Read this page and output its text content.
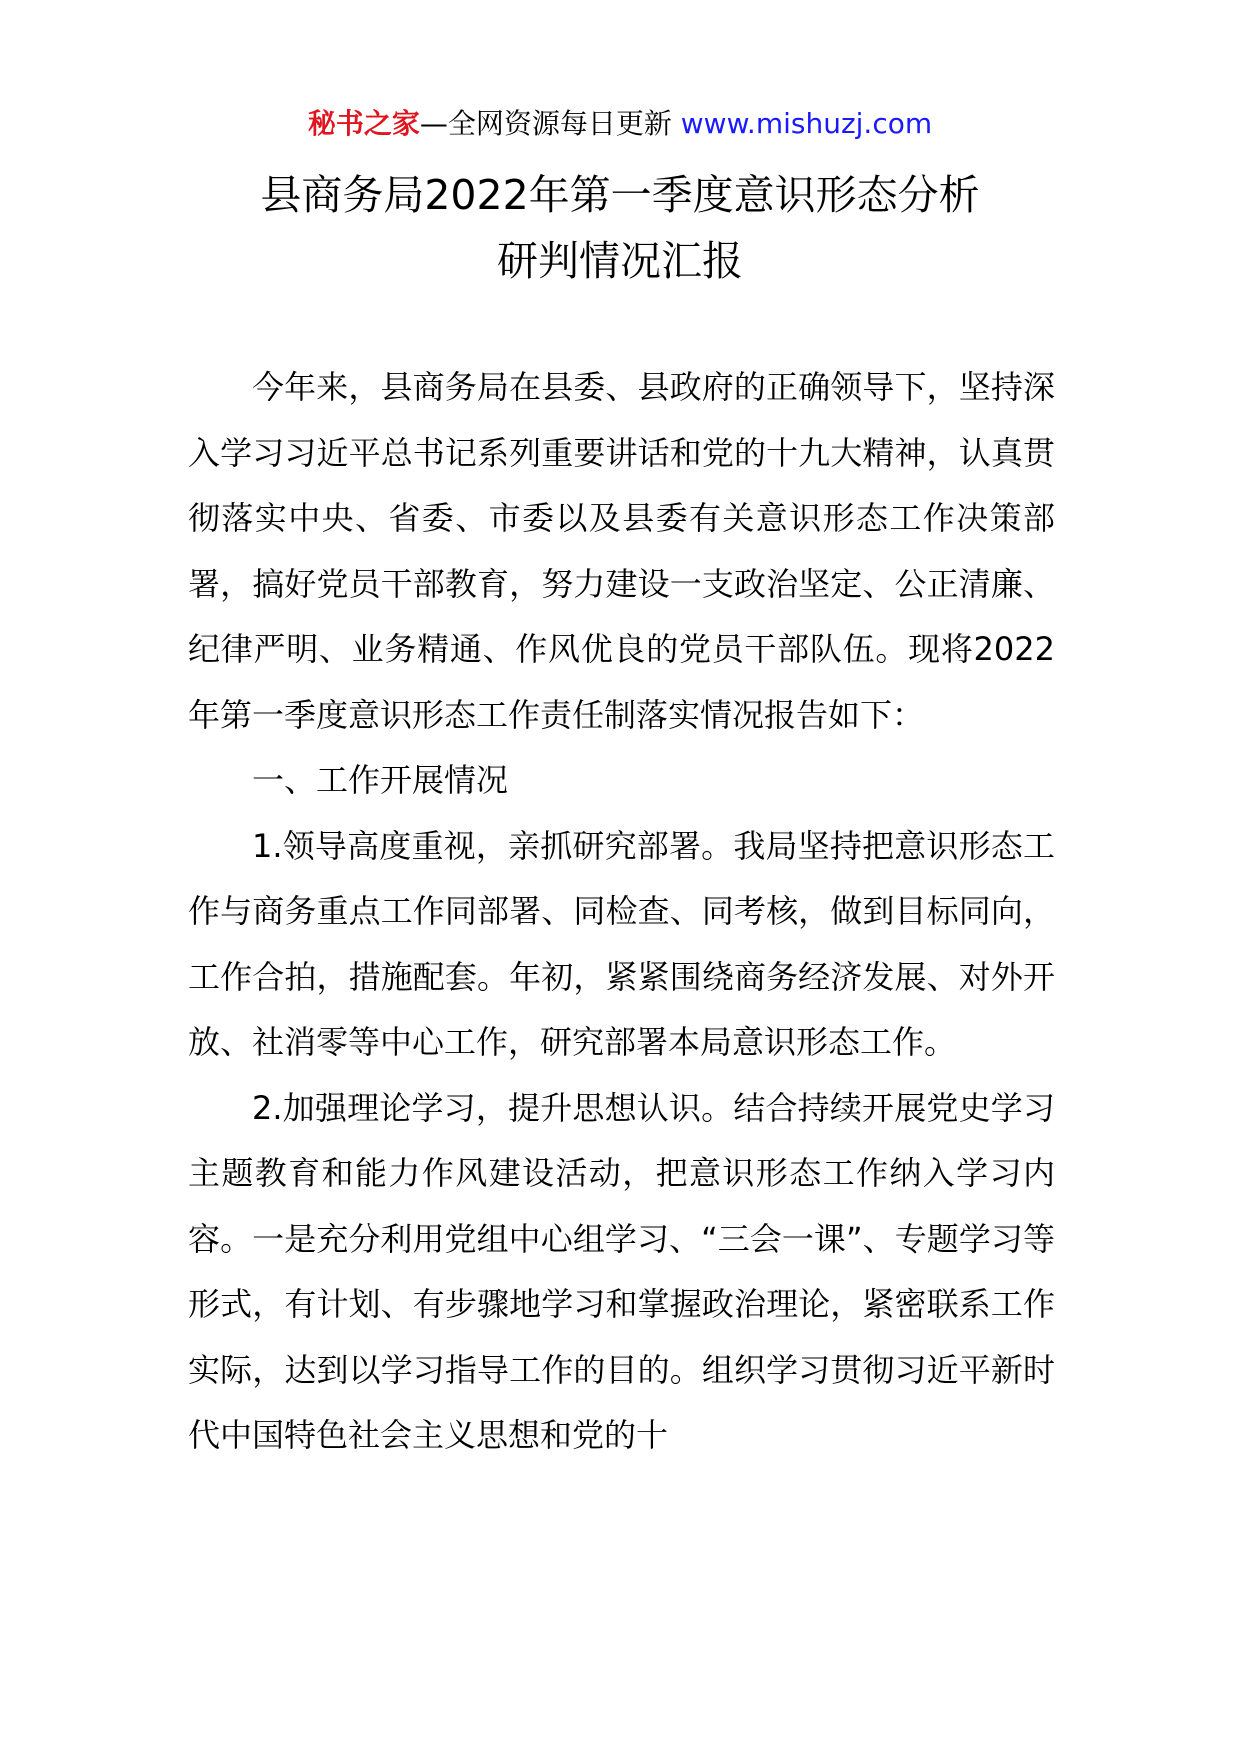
秘书之家—全网资源每日更新 www.mishuzj.com
县商务局2022年第一季度意识形态分析
研判情况汇报

今年来，县商务局在县委、县政府的正确领导下，坚持深入学习习近平总书记系列重要讲话和党的十九大精神，认真贯彻落实中央、省委、市委以及县委有关意识形态工作决策部署，搞好党员干部教育，努力建设一支政治坚定、公正清廉、纪律严明、业务精通、作风优良的党员干部队伍。现将2022年第一季度意识形态工作责任制落实情况报告如下：

一、工作开展情况

1.领导高度重视，亲抓研究部署。我局坚持把意识形态工作与商务重点工作同部署、同检查、同考核，做到目标同向，工作合拍，措施配套。年初，紧紧围绕商务经济发展、对外开放、社消零等中心工作，研究部署本局意识形态工作。

2.加强理论学习，提升思想认识。结合持续开展党史学习主题教育和能力作风建设活动，把意识形态工作纳入学习内容。一是充分利用党组中心组学习、“三会一课”、专题学习等形式，有计划、有步骤地学习和掌握政治理论，紧密联系工作实际，达到以学习指导工作的目的。组织学习贯彻习近平新时代中国特色社会主义思想和党的十
